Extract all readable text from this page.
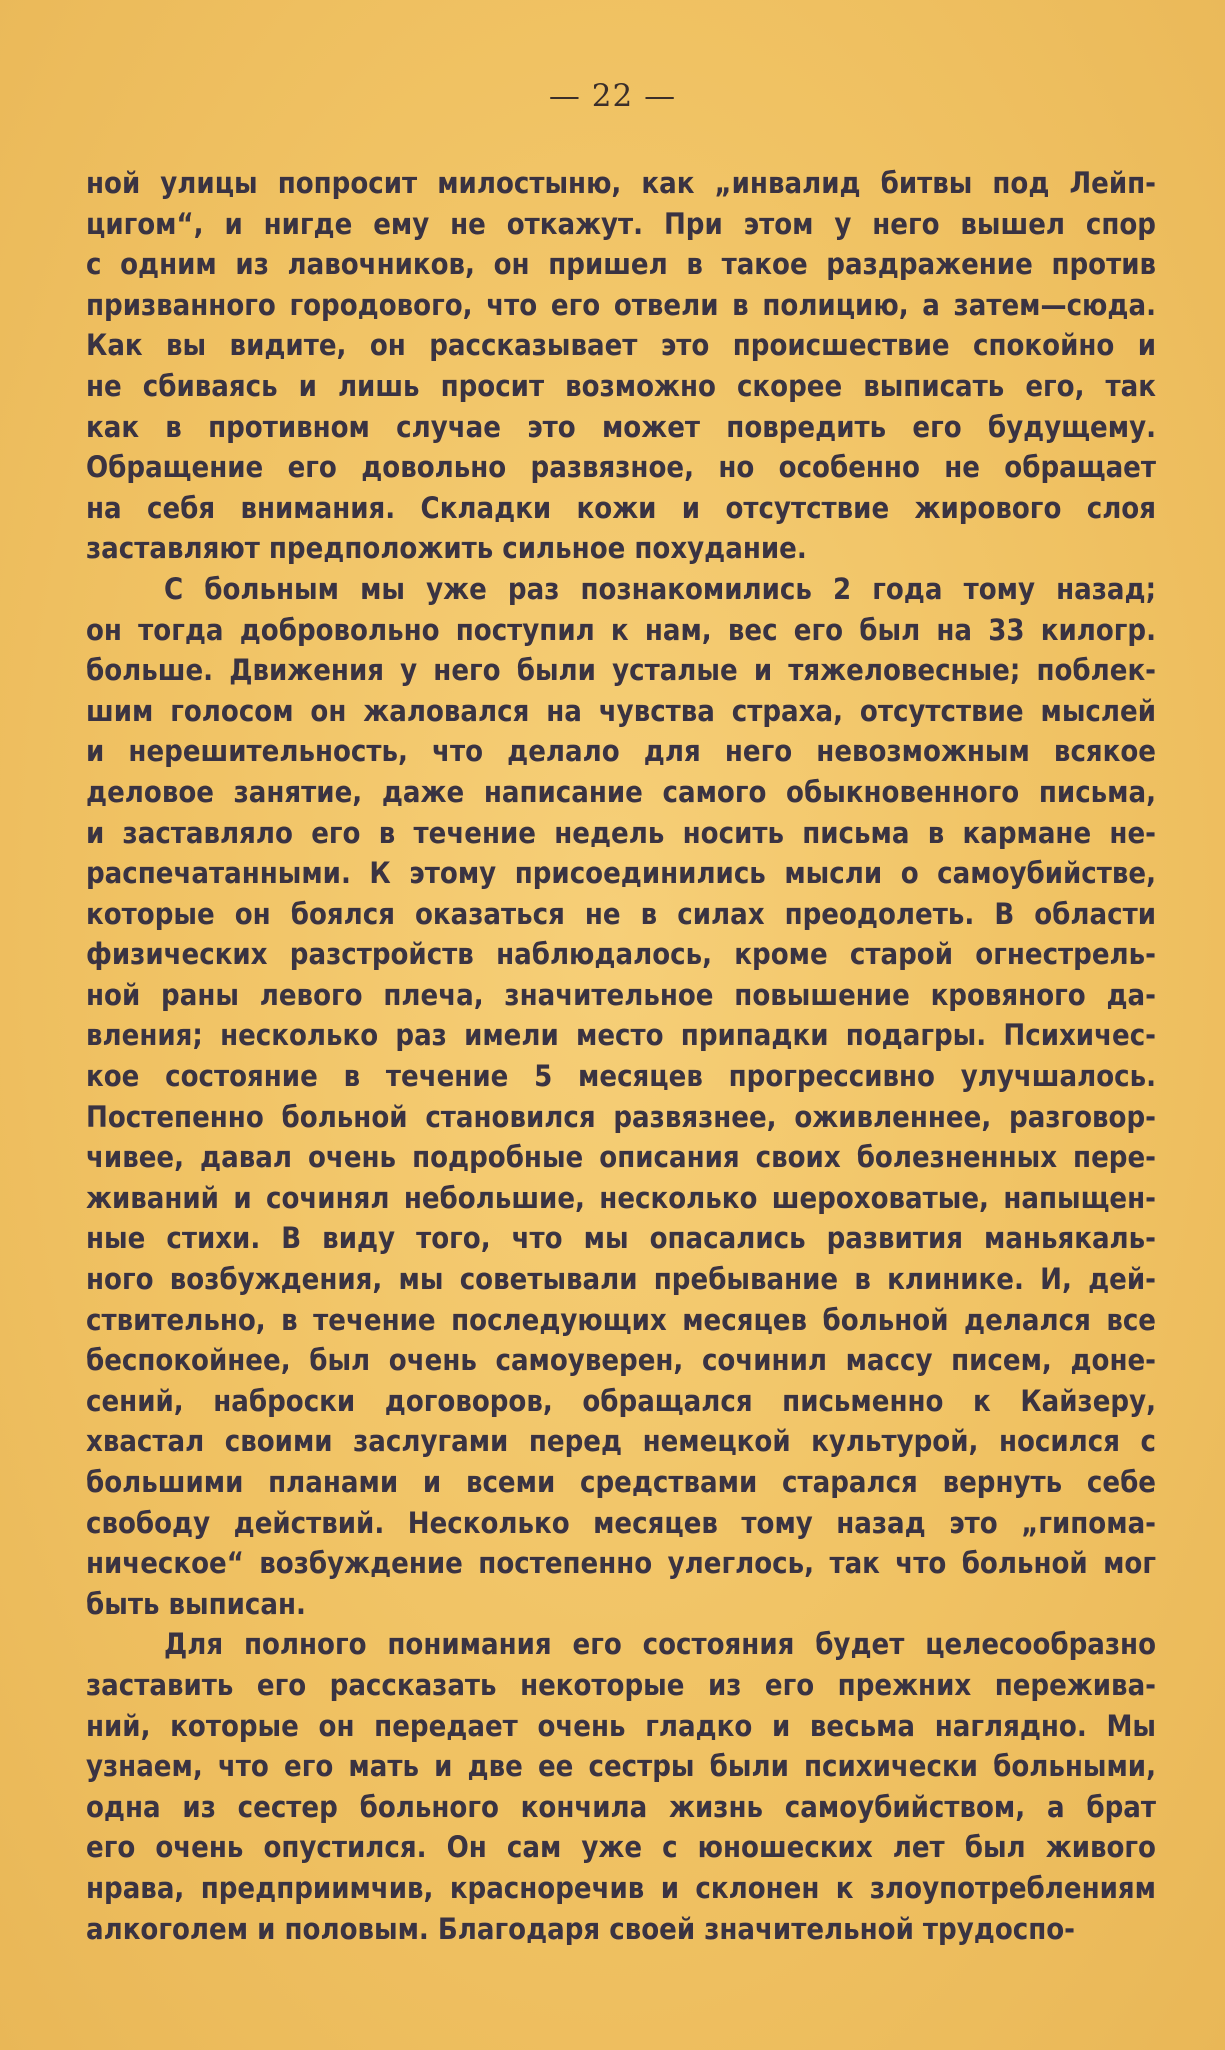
— 22 —
ной улицы попросит милостыню, как „инвалид битвы под Лейп-
цигом“, и нигде ему не откажут. При этом у него вышел спор
с одним из лавочников, он пришел в такое раздражение против
призванного городового, что его отвели в полицию, а затем—сюда.
Как вы видите, он рассказывает это происшествие спокойно и
не сбиваясь и лишь просит возможно скорее выписать его, так
как в противном случае это может повредить его будущему.
Обращение его довольно развязное, но особенно не обращает
на себя внимания. Складки кожи и отсутствие жирового слоя
заставляют предположить сильное похудание.
С больным мы уже раз познакомились 2 года тому назад;
он тогда добровольно поступил к нам, вес его был на 33 килогр.
больше. Движения у него были усталые и тяжеловесные; поблек-
шим голосом он жаловался на чувства страха, отсутствие мыслей
и нерешительность, что делало для него невозможным всякое
деловое занятие, даже написание самого обыкновенного письма,
и заставляло его в течение недель носить письма в кармане не-
распечатанными. К этому присоединились мысли о самоубийстве,
которые он боялся оказаться не в силах преодолеть. В области
физических разстройств наблюдалось, кроме старой огнестрель-
ной раны левого плеча, значительное повышение кровяного да-
вления; несколько раз имели место припадки подагры. Психичес-
кое состояние в течение 5 месяцев прогрессивно улучшалось.
Постепенно больной становился развязнее, оживленнее, разговор-
чивее, давал очень подробные описания своих болезненных пере-
живаний и сочинял небольшие, несколько шероховатые, напыщен-
ные стихи. В виду того, что мы опасались развития маньякаль-
ного возбуждения, мы советывали пребывание в клинике. И, дей-
ствительно, в течение последующих месяцев больной делался все
беспокойнее, был очень самоуверен, сочинил массу писем, доне-
сений, наброски договоров, обращался письменно к Кайзеру,
хвастал своими заслугами перед немецкой культурой, носился с
большими планами и всеми средствами старался вернуть себе
свободу действий. Несколько месяцев тому назад это „гипома-
ническое“ возбуждение постепенно улеглось, так что больной мог
быть выписан.
Для полного понимания его состояния будет целесообразно
заставить его рассказать некоторые из его прежних пережива-
ний, которые он передает очень гладко и весьма наглядно. Мы
узнаем, что его мать и две ее сестры были психически больными,
одна из сестер больного кончила жизнь самоубийством, а брат
его очень опустился. Он сам уже с юношеских лет был живого
нрава, предприимчив, красноречив и склонен к злоупотреблениям
алкоголем и половым. Благодаря своей значительной трудоспо-
